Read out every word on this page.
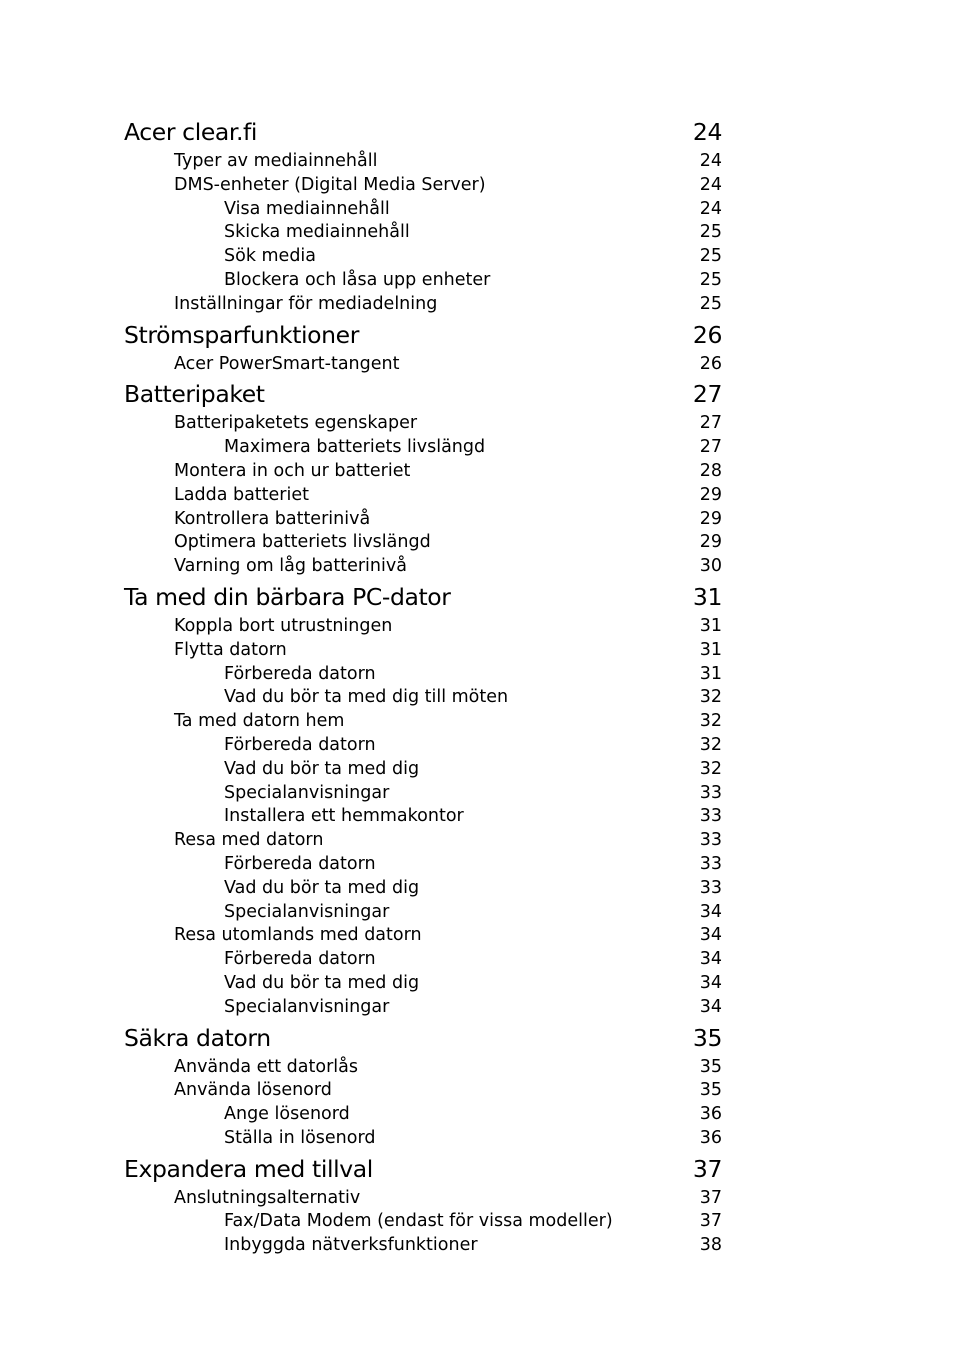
Acer clear.fi	24
Typer av mediainnehåll	24
DMS-enheter (Digital Media Server)	24
Visa mediainnehåll	24
Skicka mediainnehåll	25
Sök media	25
Blockera och låsa upp enheter	25
Inställningar för mediadelning	25
Strömsparfunktioner	26
Acer PowerSmart-tangent	26
Batteripaket	27
Batteripaketets egenskaper	27
Maximera batteriets livslängd	27
Montera in och ur batteriet	28
Ladda batteriet	29
Kontrollera batterinivå	29
Optimera batteriets livslängd	29
Varning om låg batterinivå	30
Ta med din bärbara PC-dator	31
Koppla bort utrustningen	31
Flytta datorn	31
Förbereda datorn	31
Vad du bör ta med dig till möten	32
Ta med datorn hem	32
Förbereda datorn	32
Vad du bör ta med dig	32
Specialanvisningar	33
Installera ett hemmakontor	33
Resa med datorn	33
Förbereda datorn	33
Vad du bör ta med dig	33
Specialanvisningar	34
Resa utomlands med datorn	34
Förbereda datorn	34
Vad du bör ta med dig	34
Specialanvisningar	34
Säkra datorn	35
Använda ett datorlås	35
Använda lösenord	35
Ange lösenord	36
Ställa in lösenord	36
Expandera med tillval	37
Anslutningsalternativ	37
Fax/Data Modem (endast för vissa modeller)	37
Inbyggda nätverksfunktioner	38
